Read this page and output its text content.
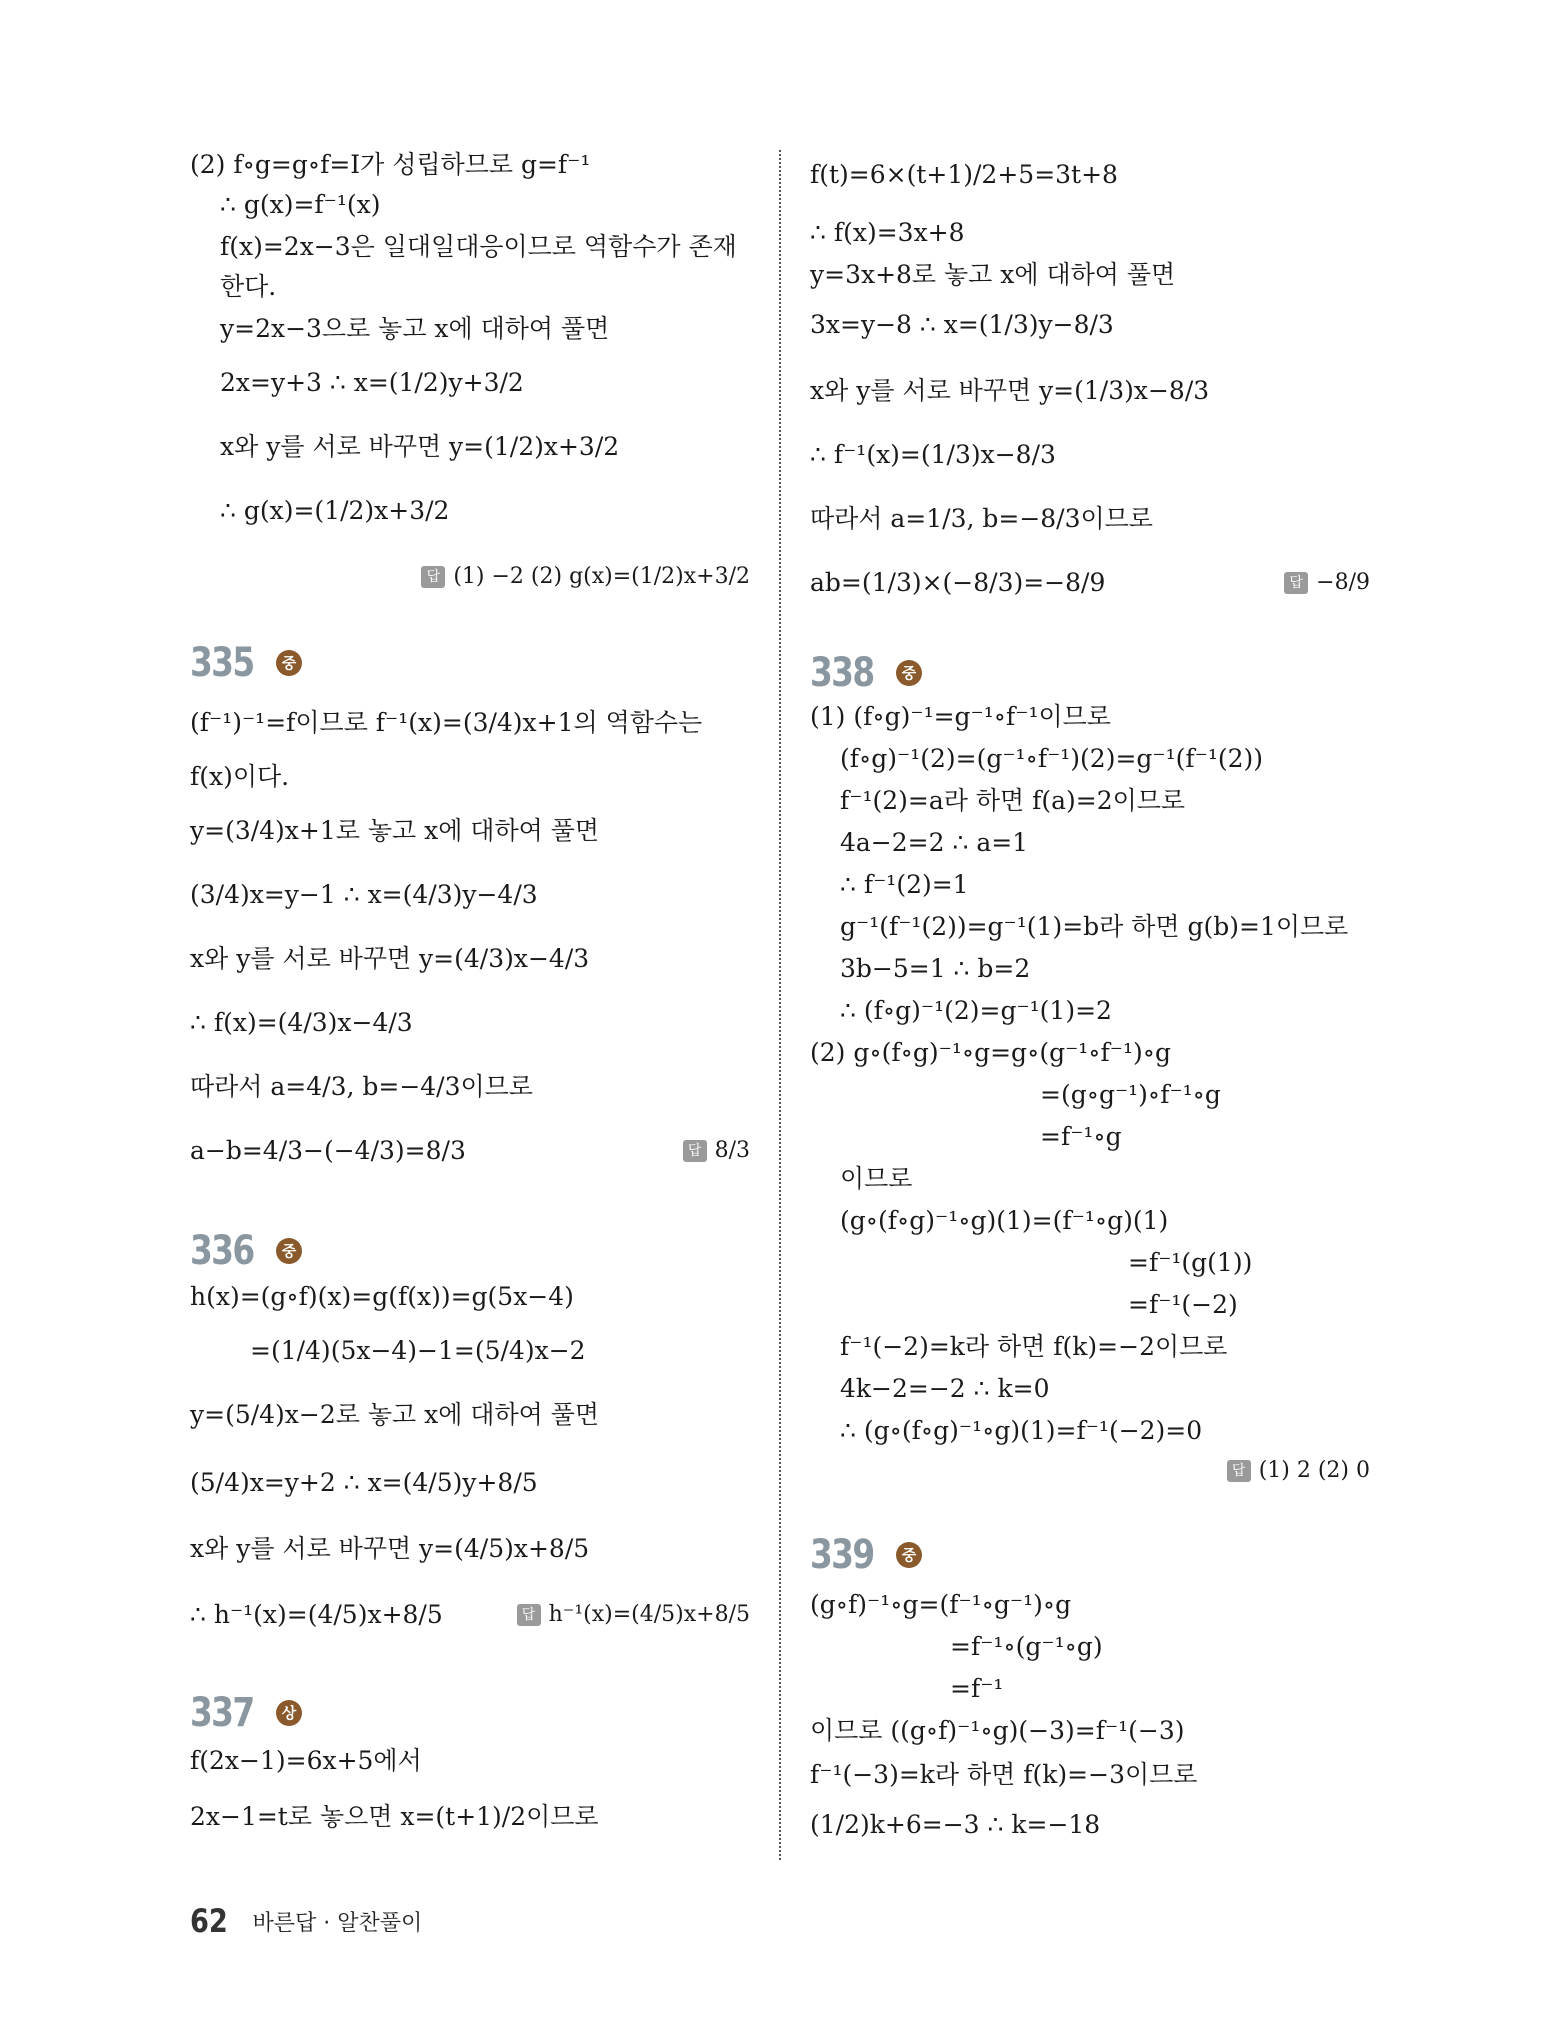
(2) f∘g=g∘f=I가 성립하므로 g=f⁻¹
∴ g(x)=f⁻¹(x)
f(x)=2x−3은 일대일대응이므로 역함수가 존재
한다.
y=2x−3으로 놓고 x에 대하여 풀면
2x=y+3 ∴ x=(1/2)y+3/2
x와 y를 서로 바꾸면 y=(1/2)x+3/2
∴ g(x)=(1/2)x+3/2
답 (1) −2 (2) g(x)=(1/2)x+3/2
335	중
(f⁻¹)⁻¹=f이므로 f⁻¹(x)=(3/4)x+1의 역함수는
f(x)이다.
y=(3/4)x+1로 놓고 x에 대하여 풀면
(3/4)x=y−1 ∴ x=(4/3)y−4/3
x와 y를 서로 바꾸면 y=(4/3)x−4/3
∴ f(x)=(4/3)x−4/3
따라서 a=4/3, b=−4/3이므로
a−b=4/3−(−4/3)=8/3	답 8/3
336	중
h(x)=(g∘f)(x)=g(f(x))=g(5x−4)
=(1/4)(5x−4)−1=(5/4)x−2
y=(5/4)x−2로 놓고 x에 대하여 풀면
(5/4)x=y+2 ∴ x=(4/5)y+8/5
x와 y를 서로 바꾸면 y=(4/5)x+8/5
∴ h⁻¹(x)=(4/5)x+8/5	답 h⁻¹(x)=(4/5)x+8/5
337	상
f(2x−1)=6x+5에서
2x−1=t로 놓으면 x=(t+1)/2이므로
f(t)=6×(t+1)/2+5=3t+8
∴ f(x)=3x+8
y=3x+8로 놓고 x에 대하여 풀면
3x=y−8 ∴ x=(1/3)y−8/3
x와 y를 서로 바꾸면 y=(1/3)x−8/3
∴ f⁻¹(x)=(1/3)x−8/3
따라서 a=1/3, b=−8/3이므로
ab=(1/3)×(−8/3)=−8/9	답 −8/9
338	중
(1) (f∘g)⁻¹=g⁻¹∘f⁻¹이므로
(f∘g)⁻¹(2)=(g⁻¹∘f⁻¹)(2)=g⁻¹(f⁻¹(2))
f⁻¹(2)=a라 하면 f(a)=2이므로
4a−2=2 ∴ a=1
∴ f⁻¹(2)=1
g⁻¹(f⁻¹(2))=g⁻¹(1)=b라 하면 g(b)=1이므로
3b−5=1 ∴ b=2
∴ (f∘g)⁻¹(2)=g⁻¹(1)=2
(2) g∘(f∘g)⁻¹∘g=g∘(g⁻¹∘f⁻¹)∘g
=(g∘g⁻¹)∘f⁻¹∘g
=f⁻¹∘g
이므로
(g∘(f∘g)⁻¹∘g)(1)=(f⁻¹∘g)(1)
=f⁻¹(g(1))
=f⁻¹(−2)
f⁻¹(−2)=k라 하면 f(k)=−2이므로
4k−2=−2 ∴ k=0
∴ (g∘(f∘g)⁻¹∘g)(1)=f⁻¹(−2)=0
답 (1) 2 (2) 0
339	중
(g∘f)⁻¹∘g=(f⁻¹∘g⁻¹)∘g
=f⁻¹∘(g⁻¹∘g)
=f⁻¹
이므로 ((g∘f)⁻¹∘g)(−3)=f⁻¹(−3)
f⁻¹(−3)=k라 하면 f(k)=−3이므로
(1/2)k+6=−3 ∴ k=−18
62 바른답 · 알찬풀이
